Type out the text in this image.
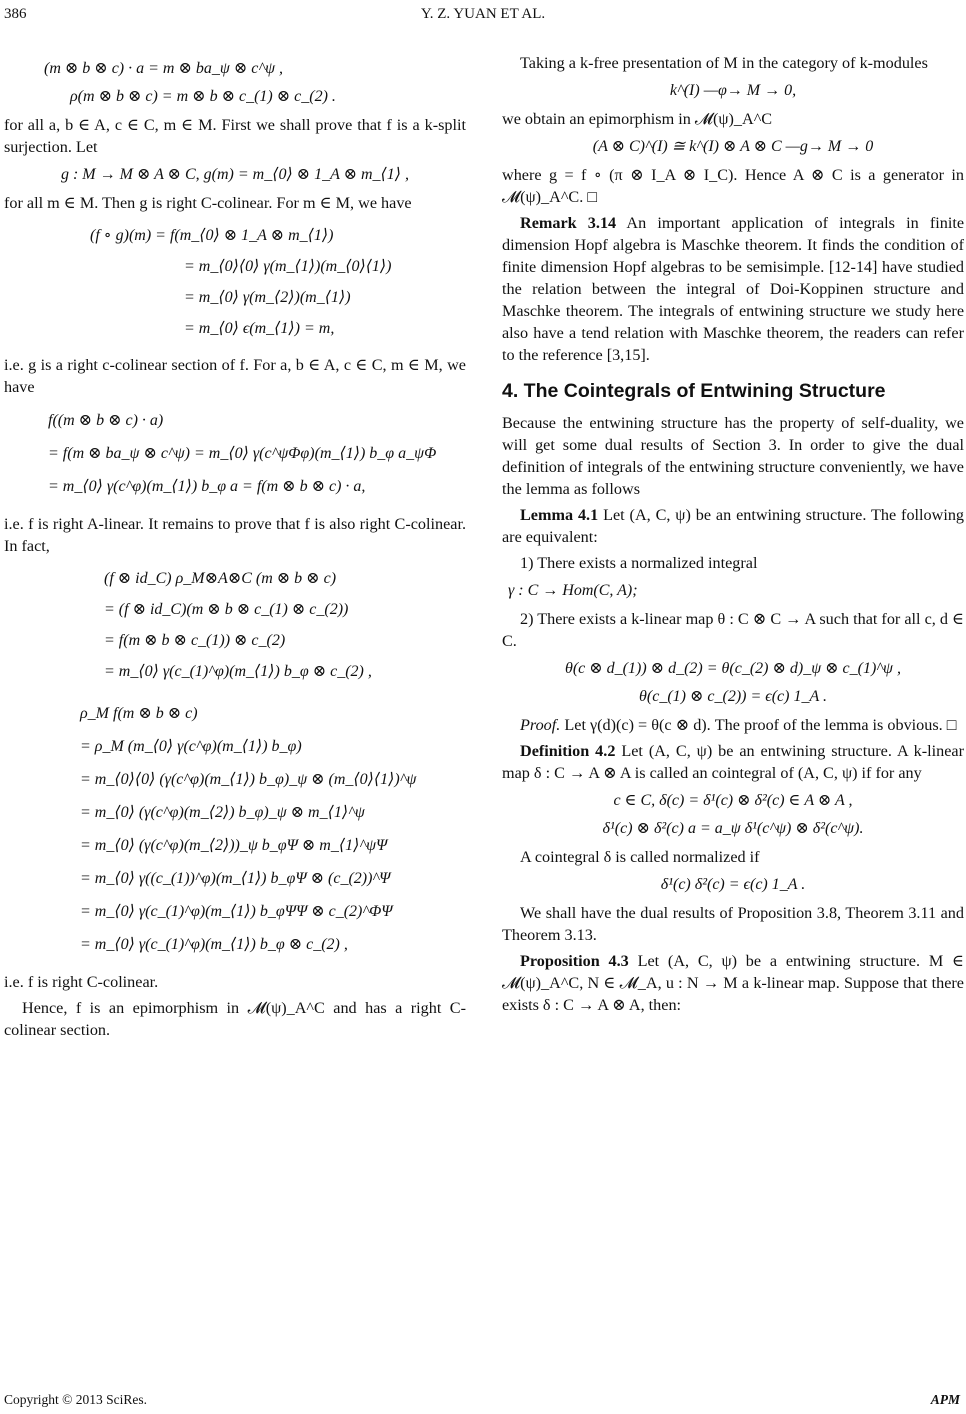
386	Y. Z. YUAN ET AL.
(m ⊗ b ⊗ c) · a = m ⊗ ba_ψ ⊗ c^ψ ,
ρ(m ⊗ b ⊗ c) = m ⊗ b ⊗ c_(1) ⊗ c_(2) .

for all a, b ∈ A, c ∈ C, m ∈ M. First we shall prove that f is a k-split surjection. Let

g : M → M ⊗ A ⊗ C, g(m) = m_⟨0⟩ ⊗ 1_A ⊗ m_⟨1⟩ ,

for all m ∈ M. Then g is right C-colinear. For m ∈ M, we have

(f ∘ g)(m) = f(m_⟨0⟩ ⊗ 1_A ⊗ m_⟨1⟩)
= m_⟨0⟩⟨0⟩ γ(m_⟨1⟩)(m_⟨0⟩⟨1⟩)
= m_⟨0⟩ γ(m_⟨2⟩)(m_⟨1⟩)
= m_⟨0⟩ ϵ(m_⟨1⟩) = m,

i.e. g is a right c-colinear section of f. For a, b ∈ A, c ∈ C, m ∈ M, we have

f((m ⊗ b ⊗ c) · a)
= f(m ⊗ ba_ψ ⊗ c^ψ) = m_⟨0⟩ γ(c^ψΦφ)(m_⟨1⟩) b_φ a_ψΦ
= m_⟨0⟩ γ(c^φ)(m_⟨1⟩) b_φ a = f(m ⊗ b ⊗ c) · a,

i.e. f is right A-linear. It remains to prove that f is also right C-colinear. In fact,

(f ⊗ id_C) ρ_M⊗A⊗C (m ⊗ b ⊗ c)
= (f ⊗ id_C)(m ⊗ b ⊗ c_(1) ⊗ c_(2))
= f(m ⊗ b ⊗ c_(1)) ⊗ c_(2)
= m_⟨0⟩ γ(c_(1)^φ)(m_⟨1⟩) b_φ ⊗ c_(2) ,
ρ_M f(m ⊗ b ⊗ c)
= ρ_M (m_⟨0⟩ γ(c^φ)(m_⟨1⟩) b_φ)
= m_⟨0⟩⟨0⟩ (γ(c^φ)(m_⟨1⟩) b_φ)_ψ ⊗ (m_⟨0⟩⟨1⟩)^ψ
= m_⟨0⟩ (γ(c^φ)(m_⟨2⟩) b_φ)_ψ ⊗ m_⟨1⟩^ψ
= m_⟨0⟩ (γ(c^φ)(m_⟨2⟩))_ψ b_φΨ ⊗ m_⟨1⟩^ψΨ
= m_⟨0⟩ γ((c_(1))^φ)(m_⟨1⟩) b_φΨ ⊗ (c_(2))^Ψ
= m_⟨0⟩ γ(c_(1)^φ)(m_⟨1⟩) b_φΨΨ ⊗ c_(2)^ΦΨ
= m_⟨0⟩ γ(c_(1)^φ)(m_⟨1⟩) b_φ ⊗ c_(2) ,

i.e. f is right C-colinear.

Hence, f is an epimorphism in 𝓜(ψ)_A^C and has a right C-colinear section.

Taking a k-free presentation of M in the category of k-modules

k^(I) —φ→ M → 0,

we obtain an epimorphism in 𝓜(ψ)_A^C

(A ⊗ C)^(I) ≅ k^(I) ⊗ A ⊗ C —g→ M → 0

where g = f ∘ (π ⊗ I_A ⊗ I_C). Hence A ⊗ C is a generator in 𝓜(ψ)_A^C. □

Remark 3.14 An important application of integrals in finite dimension Hopf algebra is Maschke theorem. It finds the condition of finite dimension Hopf algebras to be semisimple. [12-14] have studied the relation between the integral of Doi-Koppinen structure and Maschke theorem. The integrals of entwining structure we study here also have a tend relation with Maschke theorem, the readers can refer to the reference [3,15].

4. The Cointegrals of Entwining Structure

Because the entwining structure has the property of self-duality, we will get some dual results of Section 3. In order to give the dual definition of integrals of the entwining structure conveniently, we have the lemma as follows

Lemma 4.1 Let (A, C, ψ) be an entwining structure. The following are equivalent:

1) There exists a normalized integral

γ : C → Hom(C, A);

2) There exists a k-linear map θ : C ⊗ C → A such that for all c, d ∈ C.

θ(c ⊗ d_(1)) ⊗ d_(2) = θ(c_(2) ⊗ d)_ψ ⊗ c_(1)^ψ ,
θ(c_(1) ⊗ c_(2)) = ϵ(c) 1_A .

Proof. Let γ(d)(c) = θ(c ⊗ d). The proof of the lemma is obvious. □

Definition 4.2 Let (A, C, ψ) be an entwining structure. A k-linear map δ : C → A ⊗ A is called an cointegral of (A, C, ψ) if for any

c ∈ C, δ(c) = δ¹(c) ⊗ δ²(c) ∈ A ⊗ A ,
δ¹(c) ⊗ δ²(c) a = a_ψ δ¹(c^ψ) ⊗ δ²(c^ψ).

A cointegral δ is called normalized if

δ¹(c) δ²(c) = ϵ(c) 1_A .

We shall have the dual results of Proposition 3.8, Theorem 3.11 and Theorem 3.13.

Proposition 4.3 Let (A, C, ψ) be a entwining structure. M ∈ 𝓜(ψ)_A^C, N ∈ 𝓜_A, u : N → M a k-linear map. Suppose that there exists δ : C → A ⊗ A, then:

Copyright © 2013 SciRes.	APM
